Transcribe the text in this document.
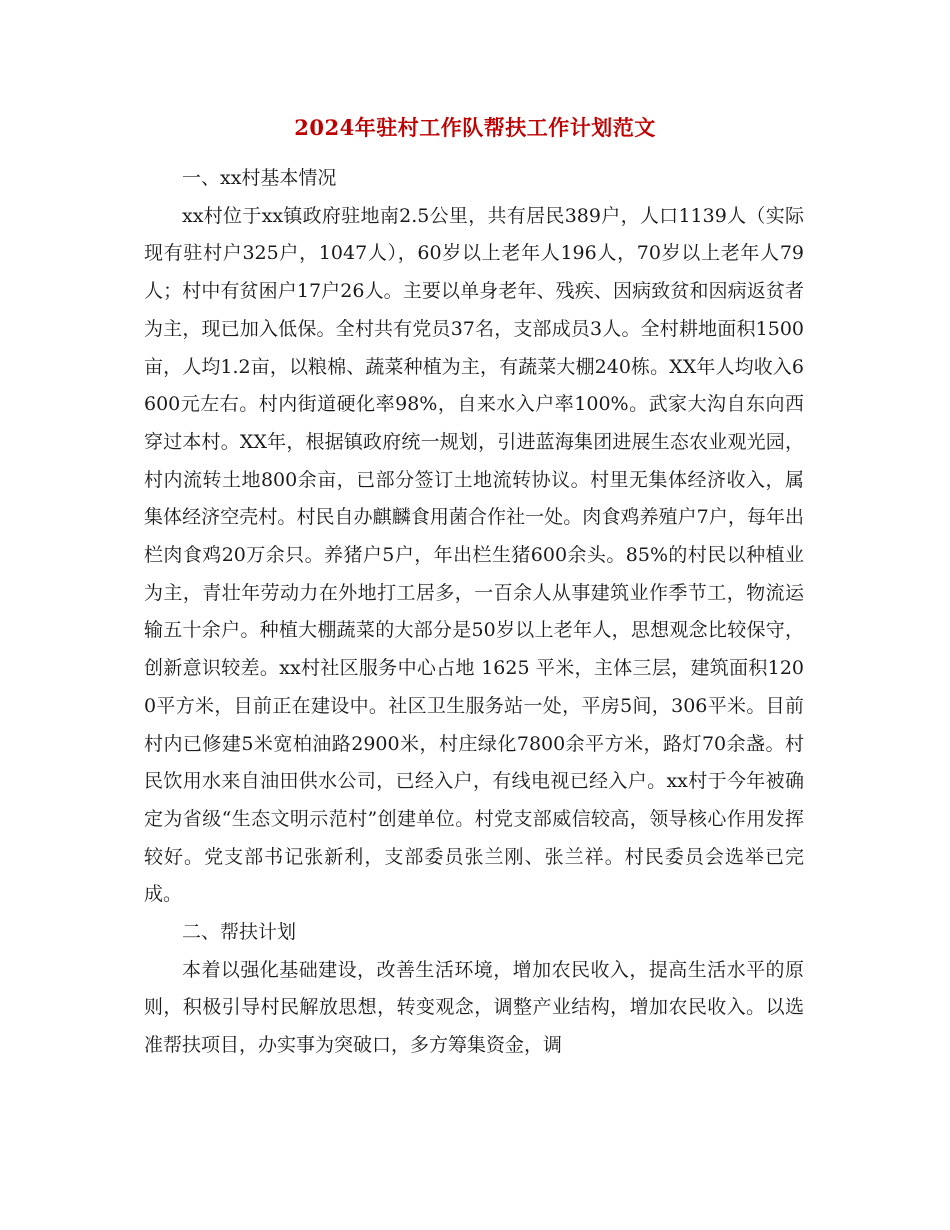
2024年驻村工作队帮扶工作计划范文

一、xx村基本情况

xx村位于xx镇政府驻地南2.5公里，共有居民389户，人口1139人（实际现有驻村户325户，1047人），60岁以上老年人196人，70岁以上老年人79人；村中有贫困户17户26人。主要以单身老年、残疾、因病致贫和因病返贫者为主，现已加入低保。全村共有党员37名，支部成员3人。全村耕地面积1500亩，人均1.2亩，以粮棉、蔬菜种植为主，有蔬菜大棚240栋。XX年人均收入6600元左右。村内街道硬化率98%，自来水入户率100%。武家大沟自东向西穿过本村。XX年，根据镇政府统一规划，引进蓝海集团进展生态农业观光园，村内流转土地800余亩，已部分签订土地流转协议。村里无集体经济收入，属集体经济空壳村。村民自办麒麟食用菌合作社一处。肉食鸡养殖户7户，每年出栏肉食鸡20万余只。养猪户5户，年出栏生猪600余头。85%的村民以种植业为主，青壮年劳动力在外地打工居多，一百余人从事建筑业作季节工，物流运输五十余户。种植大棚蔬菜的大部分是50岁以上老年人，思想观念比较保守，创新意识较差。xx村社区服务中心占地 1625 平米，主体三层，建筑面积1200平方米，目前正在建设中。社区卫生服务站一处，平房5间，306平米。目前村内已修建5米宽柏油路2900米，村庄绿化7800余平方米，路灯70余盏。村民饮用水来自油田供水公司，已经入户，有线电视已经入户。xx村于今年被确定为省级“生态文明示范村”创建单位。村党支部威信较高，领导核心作用发挥较好。党支部书记张新利，支部委员张兰刚、张兰祥。村民委员会选举已完成。

二、帮扶计划

本着以强化基础建设，改善生活环境，增加农民收入，提高生活水平的原则，积极引导村民解放思想，转变观念，调整产业结构，增加农民收入。以选准帮扶项目，办实事为突破口，多方筹集资金，调
